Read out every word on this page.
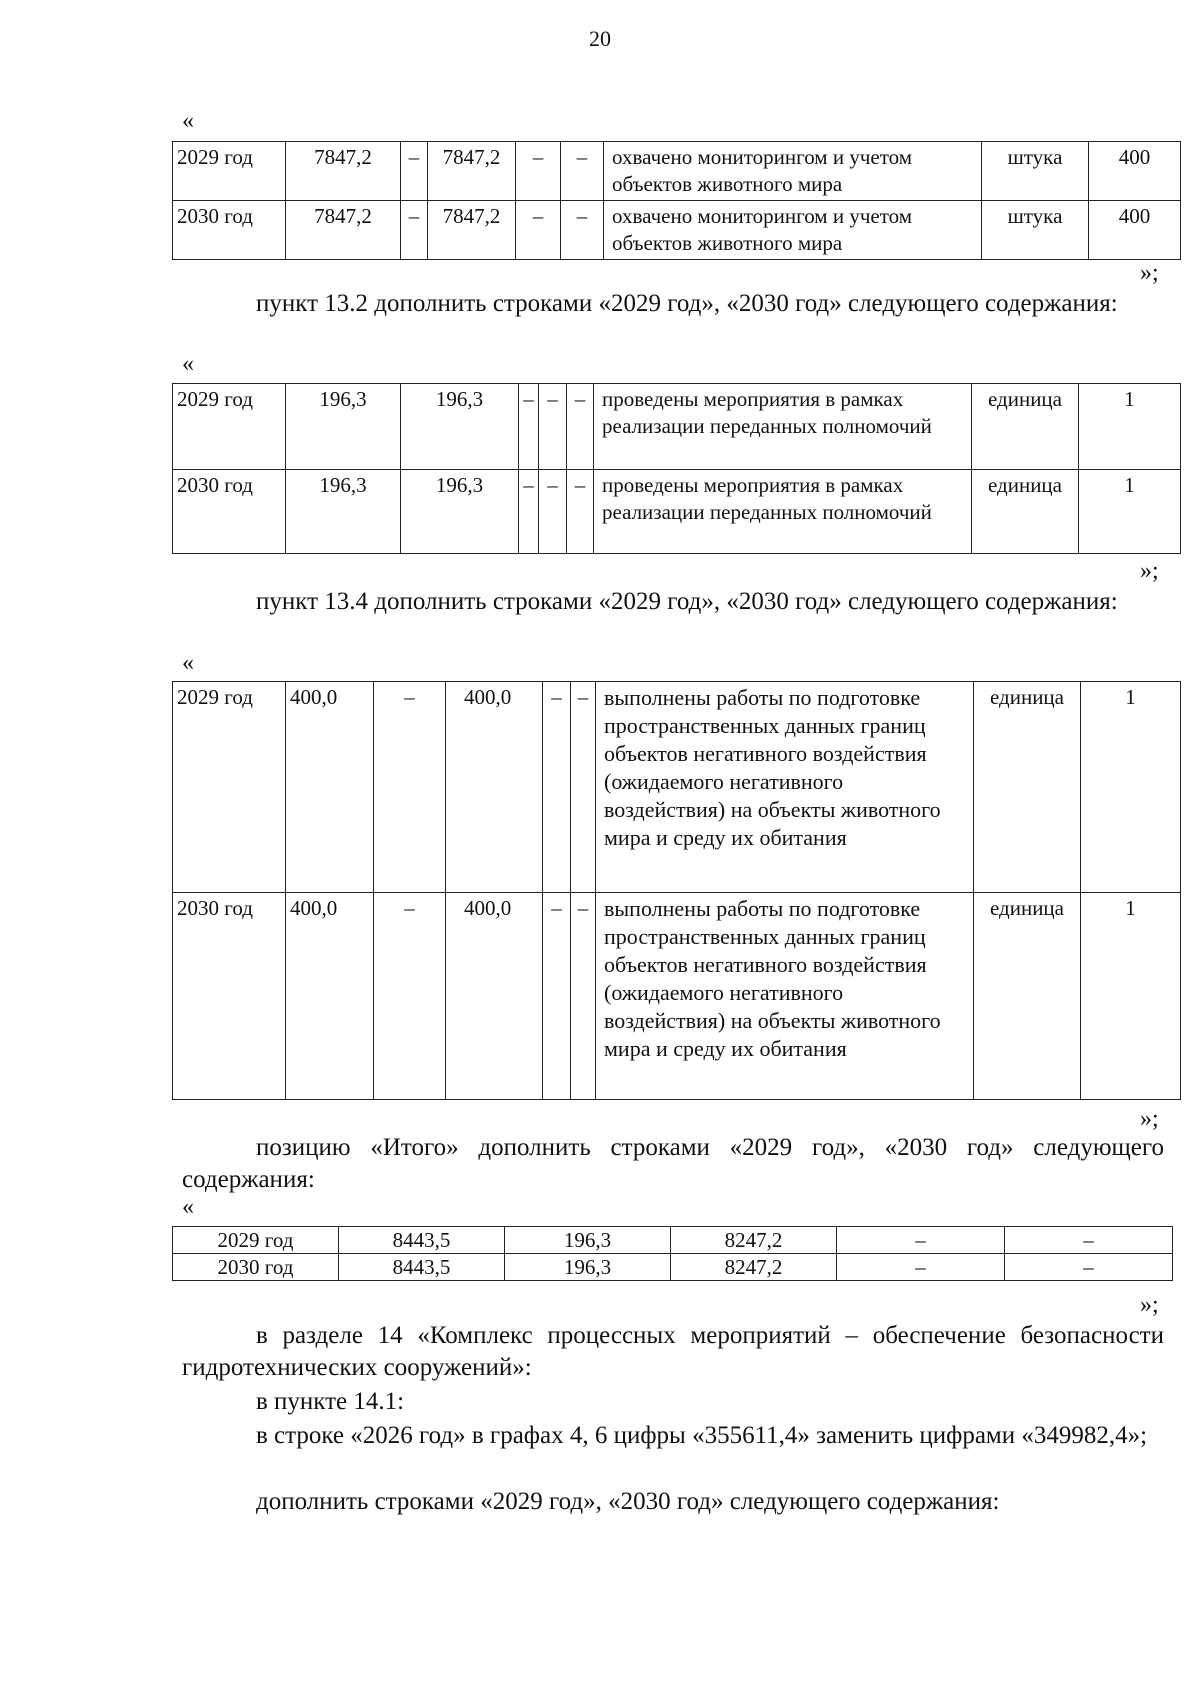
20
«
2029 год	7847,2	–	7847,2	–	–	охвачено мониторингом и учетом объектов животного мира	штука	400
2030 год	7847,2	–	7847,2	–	–	охвачено мониторингом и учетом объектов животного мира	штука	400
»;
пункт 13.2 дополнить строками «2029 год», «2030 год» следующего содержания:
«
2029 год	196,3	196,3	–	–	–	проведены мероприятия в рамках реализации переданных полномочий	единица	1
2030 год	196,3	196,3	–	–	–	проведены мероприятия в рамках реализации переданных полномочий	единица	1
»;
пункт 13.4 дополнить строками «2029 год», «2030 год» следующего содержания:
«
2029 год	400,0	–	400,0	–	–	выполнены работы по подготовке пространственных данных границ объектов негативного воздействия (ожидаемого негативного воздействия) на объекты животного мира и среду их обитания	единица	1
2030 год	400,0	–	400,0	–	–	выполнены работы по подготовке пространственных данных границ объектов негативного воздействия (ожидаемого негативного воздействия) на объекты животного мира и среду их обитания	единица	1
»;
позицию «Итого» дополнить строками «2029 год», «2030 год» следующего содержания:
«
2029 год	8443,5	196,3	8247,2	–	–
2030 год	8443,5	196,3	8247,2	–	–
»;
в разделе 14 «Комплекс процессных мероприятий – обеспечение безопасности гидротехнических сооружений»:
в пункте 14.1:
в строке «2026 год» в графах 4, 6 цифры «355611,4» заменить цифрами «349982,4»;
дополнить строками «2029 год», «2030 год» следующего содержания:
